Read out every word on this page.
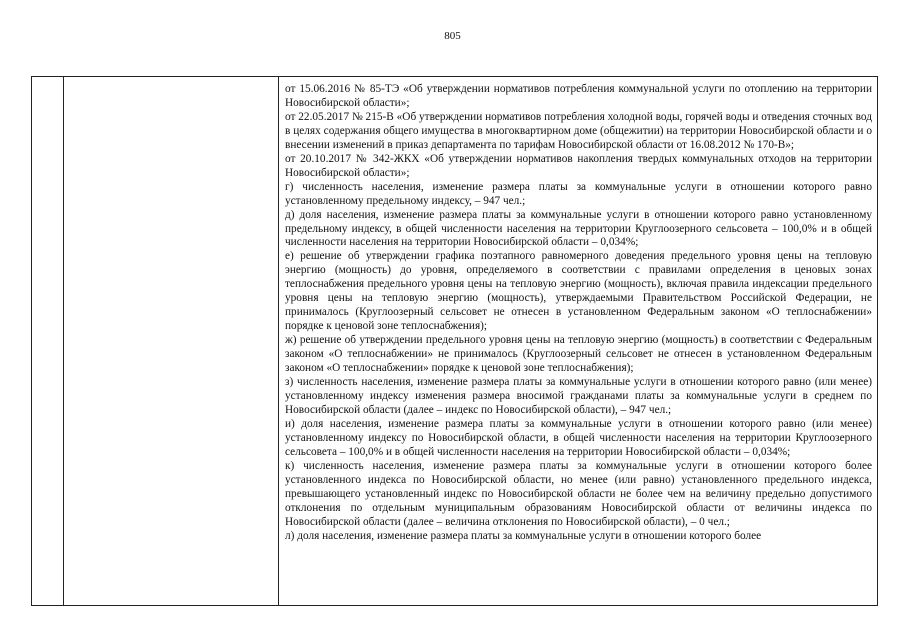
805

от 15.06.2016 № 85-ТЭ «Об утверждении нормативов потребления коммунальной услуги по отоплению на территории Новосибирской области»;

от 22.05.2017 № 215-В «Об утверждении нормативов потребления холодной воды, горячей воды и отведения сточных вод в целях содержания общего имущества в многоквартирном доме (общежитии) на территории Новосибирской области и о внесении изменений в приказ департамента по тарифам Новосибирской области от 16.08.2012 № 170-В»;

от 20.10.2017 № 342-ЖКХ «Об утверждении нормативов накопления твердых коммунальных отходов на территории Новосибирской области»;

г) численность населения, изменение размера платы за коммунальные услуги в отношении которого равно установленному предельному индексу, – 947 чел.;

д) доля населения, изменение размера платы за коммунальные услуги в отношении которого равно установленному предельному индексу, в общей численности населения на территории Круглоозерного сельсовета – 100,0% и в общей численности населения на территории Новосибирской области – 0,034%;

е) решение об утверждении графика поэтапного равномерного доведения предельного уровня цены на тепловую энергию (мощность) до уровня, определяемого в соответствии с правилами определения в ценовых зонах теплоснабжения предельного уровня цены на тепловую энергию (мощность), включая правила индексации предельного уровня цены на тепловую энергию (мощность), утверждаемыми Правительством Российской Федерации, не принималось (Круглоозерный сельсовет не отнесен в установленном Федеральным законом «О теплоснабжении» порядке к ценовой зоне теплоснабжения);

ж) решение об утверждении предельного уровня цены на тепловую энергию (мощность) в соответствии с Федеральным законом «О теплоснабжении» не принималось (Круглоозерный сельсовет не отнесен в установленном Федеральным законом «О теплоснабжении» порядке к ценовой зоне теплоснабжения);

з) численность населения, изменение размера платы за коммунальные услуги в отношении которого равно (или менее) установленному индексу изменения размера вносимой гражданами платы за коммунальные услуги в среднем по Новосибирской области (далее – индекс по Новосибирской области), – 947 чел.;

и) доля населения, изменение размера платы за коммунальные услуги в отношении которого равно (или менее) установленному индексу по Новосибирской области, в общей численности населения на территории Круглоозерного сельсовета – 100,0% и в общей численности населения на территории Новосибирской области – 0,034%;

к) численность населения, изменение размера платы за коммунальные услуги в отношении которого более установленного индекса по Новосибирской области, но менее (или равно) установленного предельного индекса, превышающего установленный индекс по Новосибирской области не более чем на величину предельно допустимого отклонения по отдельным муниципальным образованиям Новосибирской области от величины индекса по Новосибирской области (далее – величина отклонения по Новосибирской области), – 0 чел.;

л) доля населения, изменение размера платы за коммунальные услуги в отношении которого более
